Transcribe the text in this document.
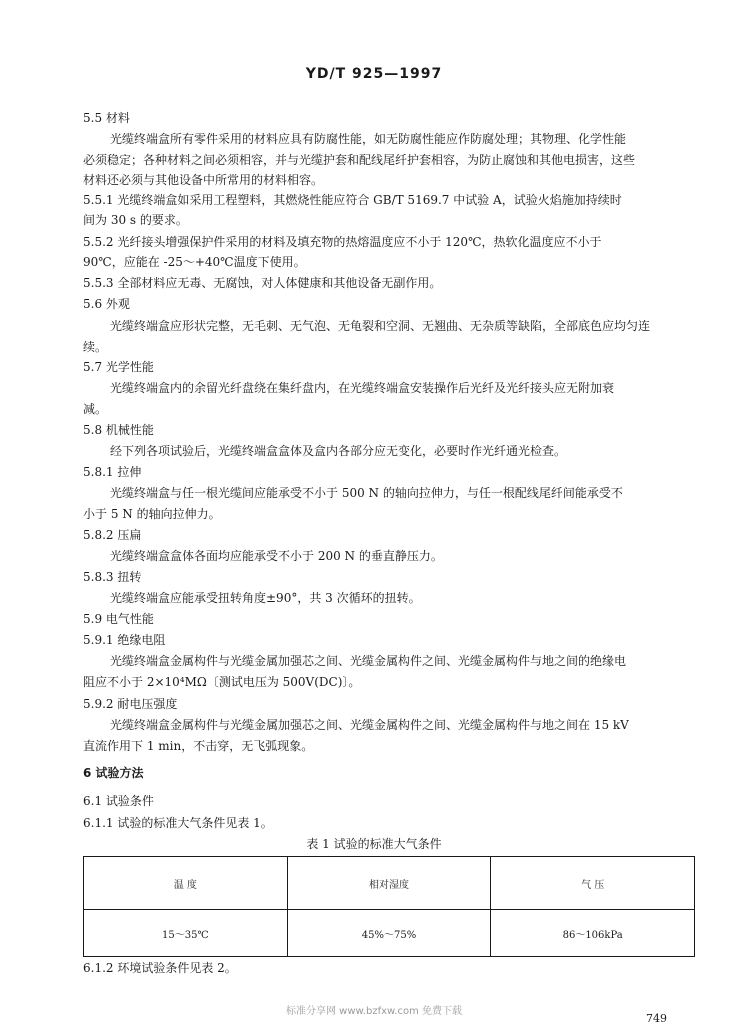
YD/T 925—1997
5.5 材料
光缆终端盒所有零件采用的材料应具有防腐性能，如无防腐性能应作防腐处理；其物理、化学性能
必须稳定；各种材料之间必须相容，并与光缆护套和配线尾纤护套相容，为防止腐蚀和其他电损害，这些
材料还必须与其他设备中所常用的材料相容。
5.5.1 光缆终端盒如采用工程塑料，其燃烧性能应符合 GB/T 5169.7 中试验 A，试验火焰施加持续时
间为 30 s 的要求。
5.5.2 光纤接头增强保护件采用的材料及填充物的热熔温度应不小于 120℃，热软化温度应不小于
90℃，应能在 -25～+40℃温度下使用。
5.5.3 全部材料应无毒、无腐蚀，对人体健康和其他设备无副作用。
5.6 外观
光缆终端盒应形状完整，无毛刺、无气泡、无龟裂和空洞、无翘曲、无杂质等缺陷，全部底色应均匀连
续。
5.7 光学性能
光缆终端盒内的余留光纤盘绕在集纤盘内，在光缆终端盒安装操作后光纤及光纤接头应无附加衰
减。
5.8 机械性能
经下列各项试验后，光缆终端盒盒体及盒内各部分应无变化，必要时作光纤通光检查。
5.8.1 拉伸
光缆终端盒与任一根光缆间应能承受不小于 500 N 的轴向拉伸力，与任一根配线尾纤间能承受不
小于 5 N 的轴向拉伸力。
5.8.2 压扁
光缆终端盒盒体各面均应能承受不小于 200 N 的垂直静压力。
5.8.3 扭转
光缆终端盒应能承受扭转角度±90°，共 3 次循环的扭转。
5.9 电气性能
5.9.1 绝缘电阻
光缆终端盒金属构件与光缆金属加强芯之间、光缆金属构件之间、光缆金属构件与地之间的绝缘电
阻应不小于 2×10⁴MΩ〔测试电压为 500V(DC)〕。
5.9.2 耐电压强度
光缆终端盒金属构件与光缆金属加强芯之间、光缆金属构件之间、光缆金属构件与地之间在 15 kV
直流作用下 1 min，不击穿，无飞弧现象。
6 试验方法
6.1 试验条件
6.1.1 试验的标准大气条件见表 1。
表 1 试验的标准大气条件
温 度	相对湿度	气 压
15～35℃	45%～75%	86～106kPa
6.1.2 环境试验条件见表 2。
标准分享网 www.bzfxw.com 免费下载
749
